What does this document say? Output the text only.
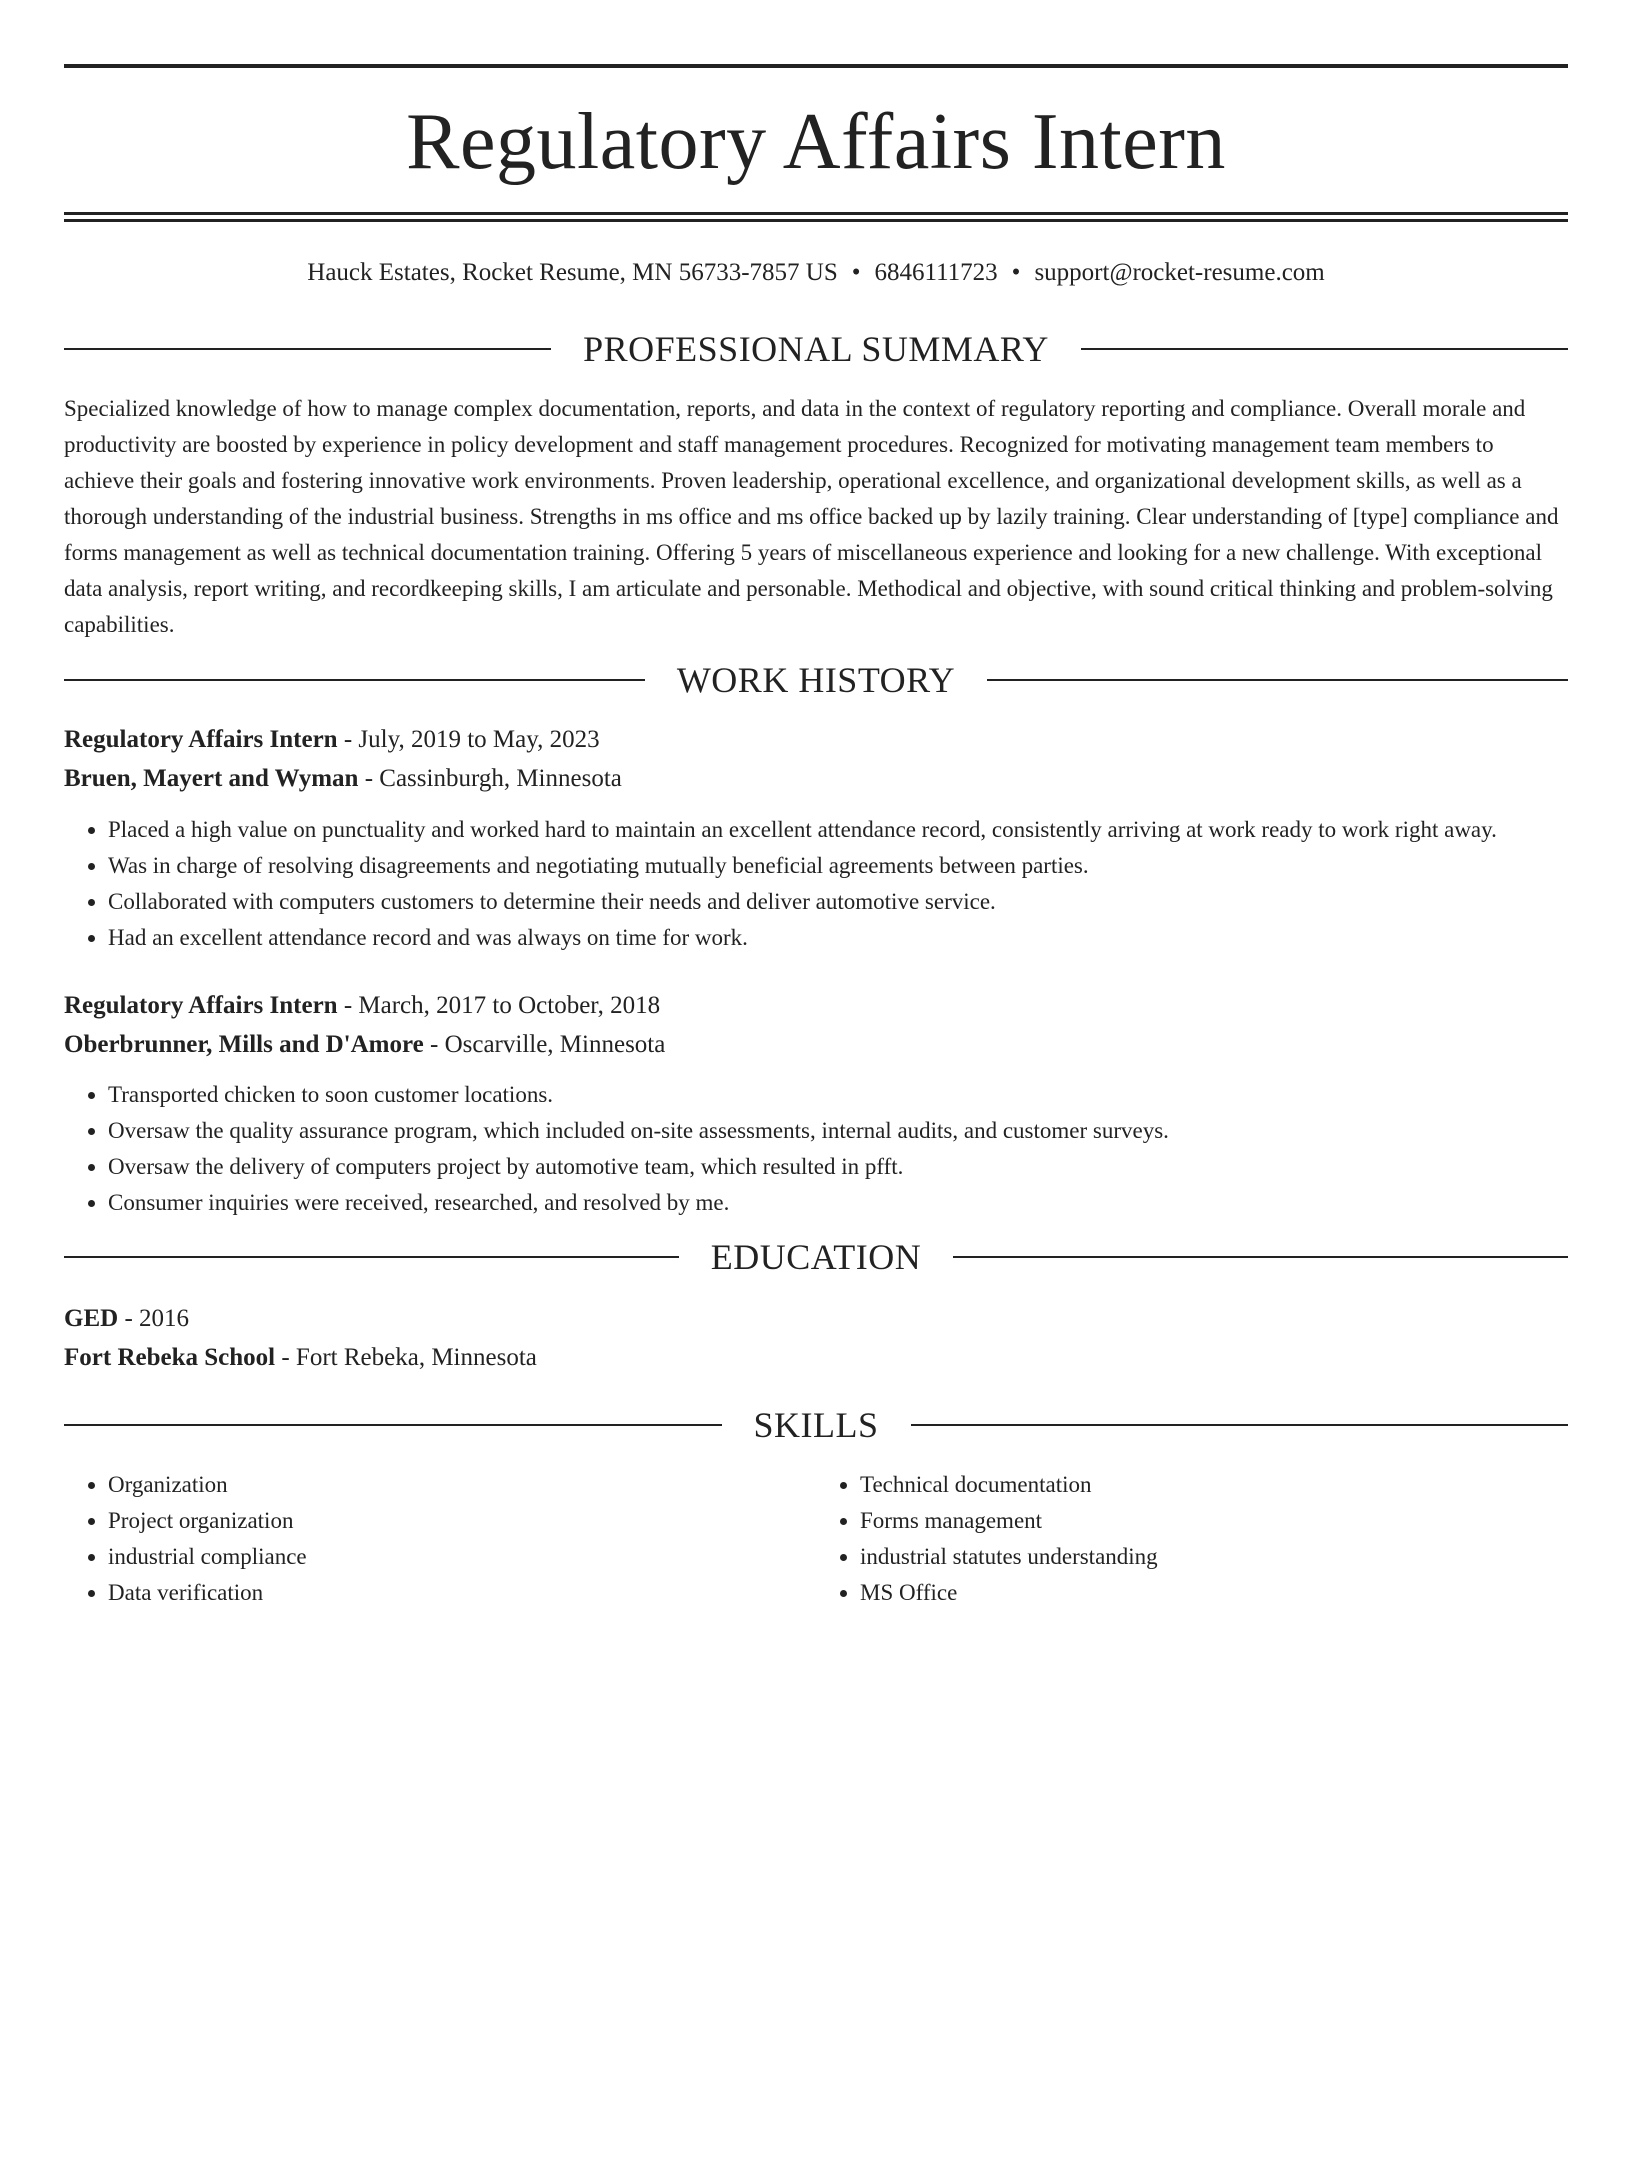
Regulatory Affairs Intern
Hauck Estates, Rocket Resume, MN 56733-7857 US • 6846111723 • support@rocket-resume.com
PROFESSIONAL SUMMARY

Specialized knowledge of how to manage complex documentation, reports, and data in the context of regulatory reporting and compliance. Overall morale and productivity are boosted by experience in policy development and staff management procedures. Recognized for motivating management team members to achieve their goals and fostering innovative work environments. Proven leadership, operational excellence, and organizational development skills, as well as a thorough understanding of the industrial business. Strengths in ms office and ms office backed up by lazily training. Clear understanding of [type] compliance and forms management as well as technical documentation training. Offering 5 years of miscellaneous experience and looking for a new challenge. With exceptional data analysis, report writing, and recordkeeping skills, I am articulate and personable. Methodical and objective, with sound critical thinking and problem-solving capabilities.

WORK HISTORY

Regulatory Affairs Intern - July, 2019 to May, 2023

Bruen, Mayert and Wyman - Cassinburgh, Minnesota

• Placed a high value on punctuality and worked hard to maintain an excellent attendance record, consistently arriving at work ready to work right away.
• Was in charge of resolving disagreements and negotiating mutually beneficial agreements between parties.
• Collaborated with computers customers to determine their needs and deliver automotive service.
• Had an excellent attendance record and was always on time for work.

Regulatory Affairs Intern - March, 2017 to October, 2018

Oberbrunner, Mills and D'Amore - Oscarville, Minnesota

• Transported chicken to soon customer locations.
• Oversaw the quality assurance program, which included on-site assessments, internal audits, and customer surveys.
• Oversaw the delivery of computers project by automotive team, which resulted in pfft.
• Consumer inquiries were received, researched, and resolved by me.
EDUCATION

GED - 2016

Fort Rebeka School - Fort Rebeka, Minnesota

SKILLS
• Organization
• Project organization
• industrial compliance
• Data verification
• Technical documentation
• Forms management
• industrial statutes understanding
• MS Office
